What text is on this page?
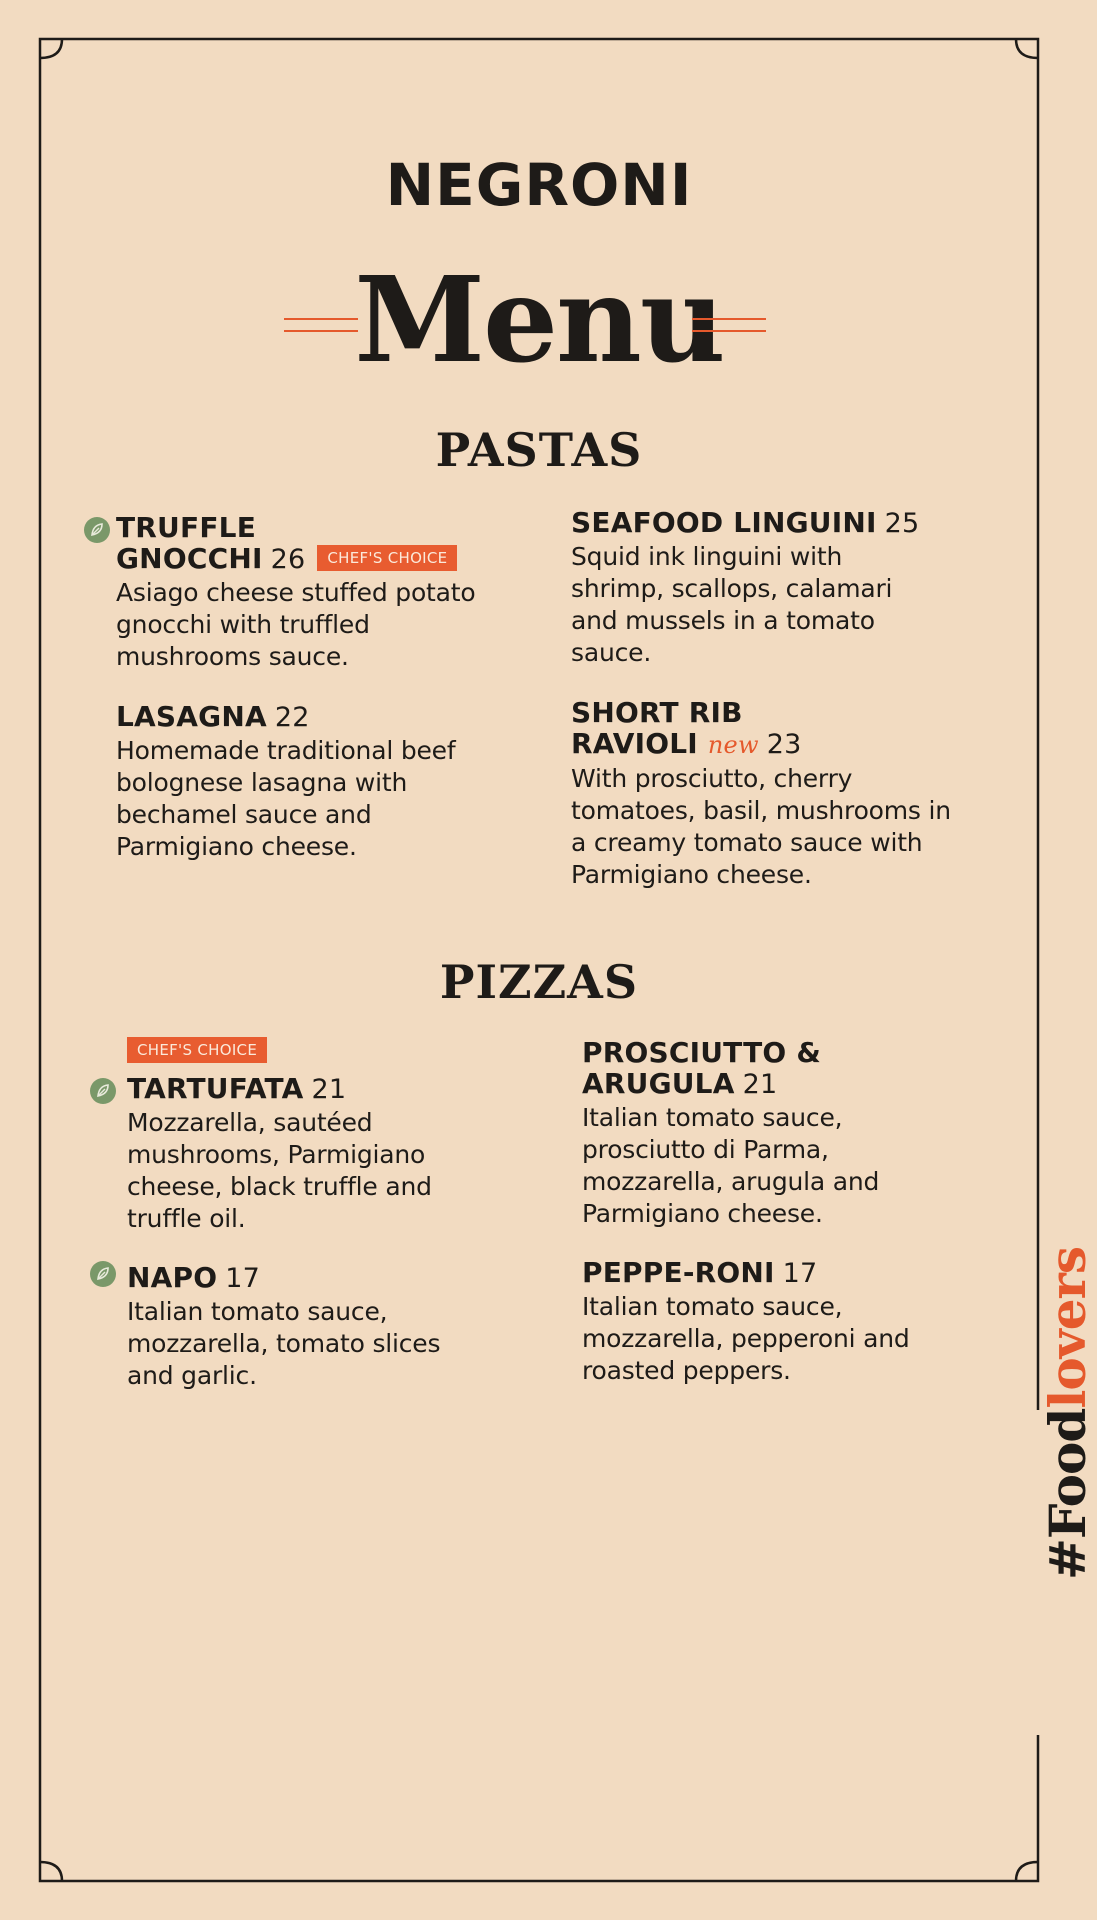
NEGRONI
Menu
PASTAS
TRUFFLE
GNOCCHI 26 CHEF'S CHOICE
Asiago cheese stuffed potato gnocchi with truffled mushrooms sauce.
LASAGNA 22
Homemade traditional beef bolognese lasagna with bechamel sauce and Parmigiano cheese.
SEAFOOD LINGUINI 25
Squid ink linguini with shrimp, scallops, calamari and mussels in a tomato sauce.
SHORT RIB
RAVIOLI new 23
With prosciutto, cherry tomatoes, basil, mushrooms in a creamy tomato sauce with Parmigiano cheese.
PIZZAS
CHEF'S CHOICE
TARTUFATA 21
Mozzarella, sautéed mushrooms, Parmigiano cheese, black truffle and truffle oil.
NAPO 17
Italian tomato sauce, mozzarella, tomato slices and garlic.
PROSCIUTTO &
ARUGULA 21
Italian tomato sauce, prosciutto di Parma, mozzarella, arugula and Parmigiano cheese.
PEPPE-RONI 17
Italian tomato sauce, mozzarella, pepperoni and roasted peppers.
#Foodlovers
